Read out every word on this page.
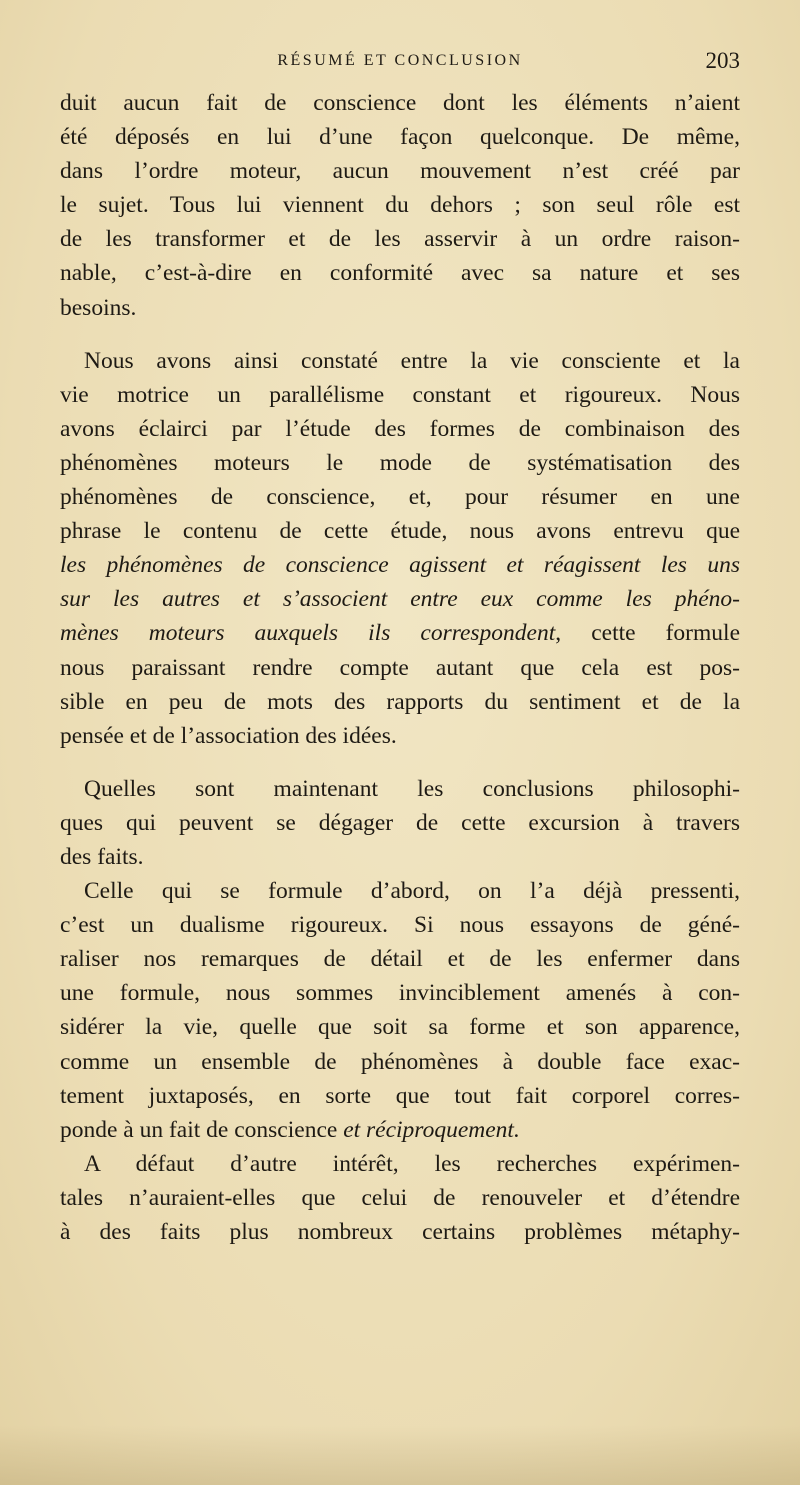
RÉSUMÉ ET CONCLUSION	203
duit aucun fait de conscience dont les éléments n’aient
été déposés en lui d’une façon quelconque. De même,
dans l’ordre moteur, aucun mouvement n’est créé par
le sujet. Tous lui viennent du dehors ; son seul rôle est
de les transformer et de les asservir à un ordre raison-
nable, c’est-à-dire en conformité avec sa nature et ses
besoins.
Nous avons ainsi constaté entre la vie consciente et la
vie motrice un parallélisme constant et rigoureux. Nous
avons éclairci par l’étude des formes de combinaison des
phénomènes moteurs le mode de systématisation des
phénomènes de conscience, et, pour résumer en une
phrase le contenu de cette étude, nous avons entrevu que
les phénomènes de conscience agissent et réagissent les uns
sur les autres et s’associent entre eux comme les phéno-
mènes moteurs auxquels ils correspondent, cette formule
nous paraissant rendre compte autant que cela est pos-
sible en peu de mots des rapports du sentiment et de la
pensée et de l’association des idées.
Quelles sont maintenant les conclusions philosophi-
ques qui peuvent se dégager de cette excursion à travers
des faits.
Celle qui se formule d’abord, on l’a déjà pressenti,
c’est un dualisme rigoureux. Si nous essayons de géné-
raliser nos remarques de détail et de les enfermer dans
une formule, nous sommes invinciblement amenés à con-
sidérer la vie, quelle que soit sa forme et son apparence,
comme un ensemble de phénomènes à double face exac-
tement juxtaposés, en sorte que tout fait corporel corres-
ponde à un fait de conscience et réciproquement.
A défaut d’autre intérêt, les recherches expérimen-
tales n’auraient-elles que celui de renouveler et d’étendre
à des faits plus nombreux certains problèmes métaphy-
